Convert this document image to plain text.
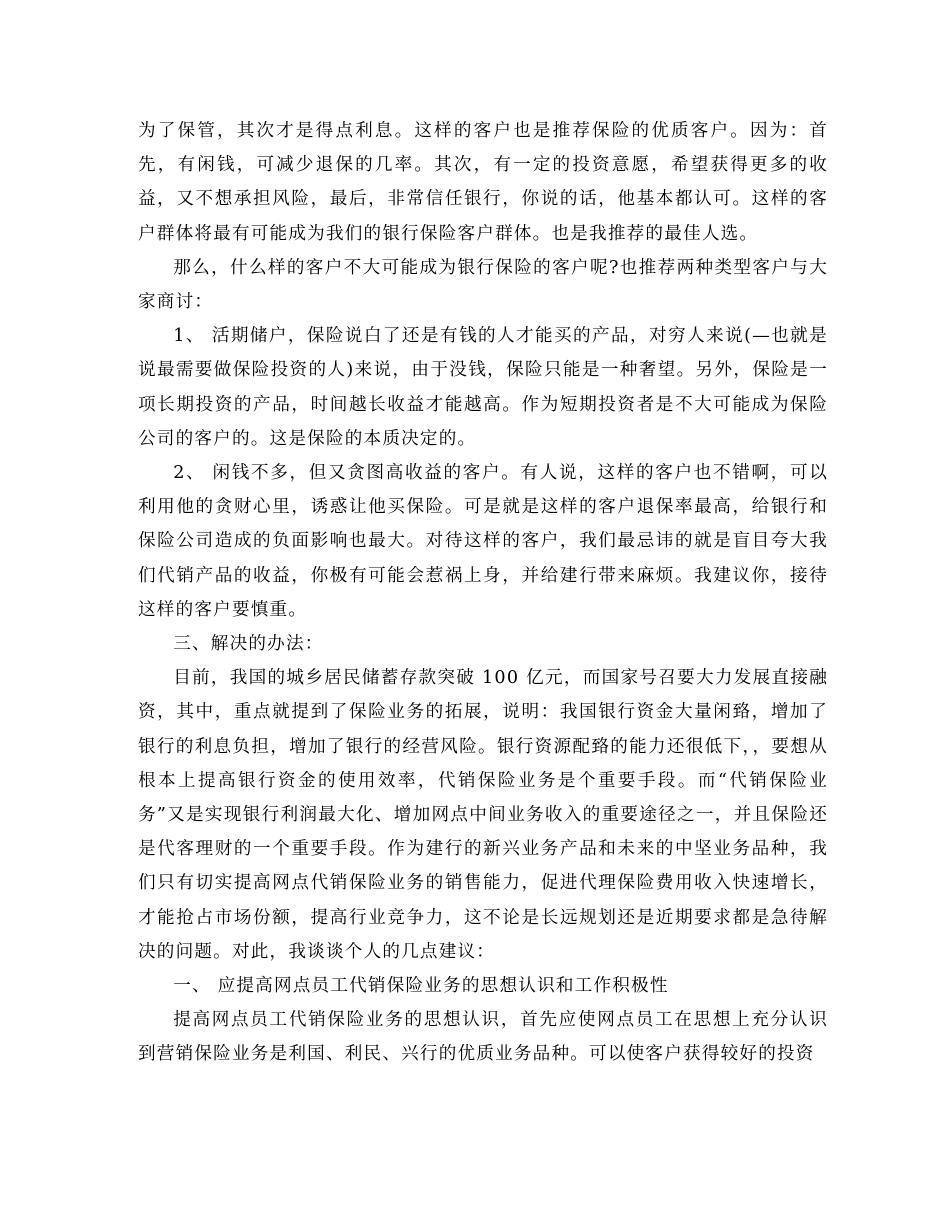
为了保管，其次才是得点利息。这样的客户也是推荐保险的优质客户。因为：首先，有闲钱，可减少退保的几率。其次，有一定的投资意愿，希望获得更多的收益，又不想承担风险，最后，非常信任银行，你说的话，他基本都认可。这样的客户群体将最有可能成为我们的银行保险客户群体。也是我推荐的最佳人选。

那么，什么样的客户不大可能成为银行保险的客户呢?也推荐两种类型客户与大家商讨：

1、 活期储户，保险说白了还是有钱的人才能买的产品，对穷人来说(—也就是说最需要做保险投资的人)来说，由于没钱，保险只能是一种奢望。另外，保险是一项长期投资的产品，时间越长收益才能越高。作为短期投资者是不大可能成为保险公司的客户的。这是保险的本质决定的。

2、 闲钱不多，但又贪图高收益的客户。有人说，这样的客户也不错啊，可以利用他的贪财心里，诱惑让他买保险。可是就是这样的客户退保率最高，给银行和保险公司造成的负面影响也最大。对待这样的客户，我们最忌讳的就是盲目夸大我们代销产品的收益，你极有可能会惹祸上身，并给建行带来麻烦。我建议你，接待这样的客户要慎重。

三、解决的办法：

目前，我国的城乡居民储蓄存款突破 100 亿元，而国家号召要大力发展直接融资，其中，重点就提到了保险业务的拓展，说明：我国银行资金大量闲臵，增加了银行的利息负担，增加了银行的经营风险。银行资源配臵的能力还很低下，，要想从根本上提高银行资金的使用效率，代销保险业务是个重要手段。而“代销保险业务”又是实现银行利润最大化、增加网点中间业务收入的重要途径之一，并且保险还是代客理财的一个重要手段。作为建行的新兴业务产品和未来的中坚业务品种，我们只有切实提高网点代销保险业务的销售能力，促进代理保险费用收入快速增长，才能抢占市场份额，提高行业竞争力，这不论是长远规划还是近期要求都是急待解决的问题。对此，我谈谈个人的几点建议：

一、 应提高网点员工代销保险业务的思想认识和工作积极性

提高网点员工代销保险业务的思想认识，首先应使网点员工在思想上充分认识到营销保险业务是利国、利民、兴行的优质业务品种。可以使客户获得较好的投资
